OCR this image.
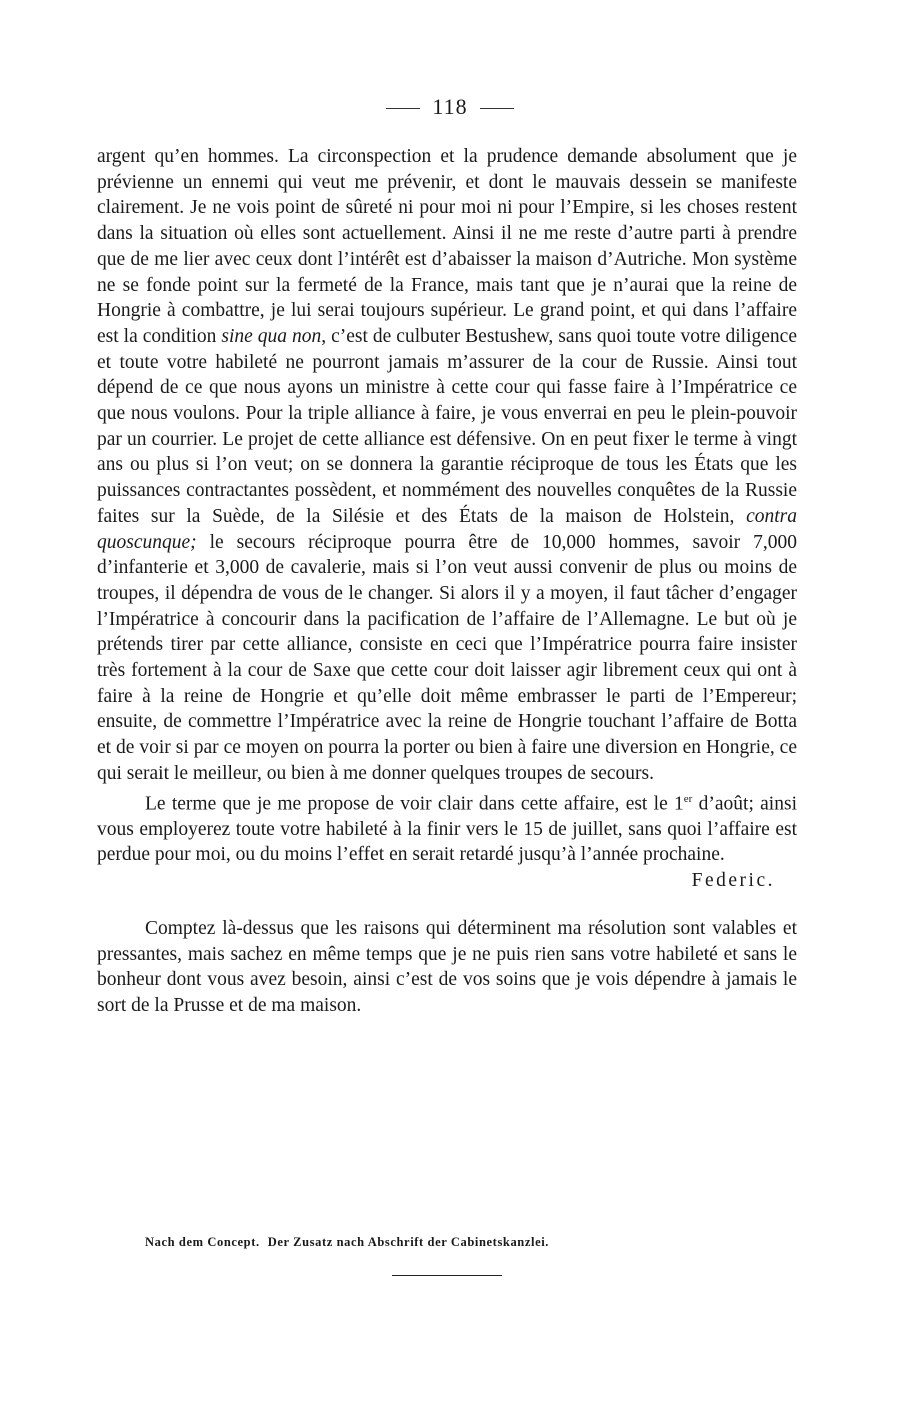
118

argent qu’en hommes. La circonspection et la prudence demande absolument que je prévienne un ennemi qui veut me prévenir, et dont le mauvais dessein se manifeste clairement. Je ne vois point de sûreté ni pour moi ni pour l’Empire, si les choses restent dans la situation où elles sont actuellement. Ainsi il ne me reste d’autre parti à prendre que de me lier avec ceux dont l’intérêt est d’abaisser la maison d’Autriche. Mon système ne se fonde point sur la fermeté de la France, mais tant que je n’aurai que la reine de Hongrie à combattre, je lui serai toujours supérieur. Le grand point, et qui dans l’affaire est la condition sine qua non, c’est de culbuter Bestushew, sans quoi toute votre diligence et toute votre habileté ne pourront jamais m’assurer de la cour de Russie. Ainsi tout dépend de ce que nous ayons un ministre à cette cour qui fasse faire à l’Impératrice ce que nous voulons. Pour la triple alliance à faire, je vous enverrai en peu le plein-pouvoir par un courrier. Le projet de cette alliance est défensive. On en peut fixer le terme à vingt ans ou plus si l’on veut; on se donnera la garantie réciproque de tous les États que les puissances contractantes possèdent, et nommément des nouvelles conquêtes de la Russie faites sur la Suède, de la Silésie et des États de la maison de Holstein, contra quoscunque; le secours réciproque pourra être de 10,000 hommes, savoir 7,000 d’infanterie et 3,000 de cavalerie, mais si l’on veut aussi convenir de plus ou moins de troupes, il dépendra de vous de le changer. Si alors il y a moyen, il faut tâcher d’engager l’Impératrice à concourir dans la pacification de l’affaire de l’Allemagne. Le but où je prétends tirer par cette alliance, consiste en ceci que l’Impératrice pourra faire insister très fortement à la cour de Saxe que cette cour doit laisser agir librement ceux qui ont à faire à la reine de Hongrie et qu’elle doit même embrasser le parti de l’Empereur; ensuite, de commettre l’Impératrice avec la reine de Hongrie touchant l’affaire de Botta et de voir si par ce moyen on pourra la porter ou bien à faire une diversion en Hongrie, ce qui serait le meilleur, ou bien à me donner quelques troupes de secours.

Le terme que je me propose de voir clair dans cette affaire, est le 1er d’août; ainsi vous employerez toute votre habileté à la finir vers le 15 de juillet, sans quoi l’affaire est perdue pour moi, ou du moins l’effet en serait retardé jusqu’à l’année prochaine.

Federic.

Comptez là-dessus que les raisons qui déterminent ma résolution sont valables et pressantes, mais sachez en même temps que je ne puis rien sans votre habileté et sans le bonheur dont vous avez besoin, ainsi c’est de vos soins que je vois dépendre à jamais le sort de la Prusse et de ma maison.

Nach dem Concept. Der Zusatz nach Abschrift der Cabinetskanzlei.
